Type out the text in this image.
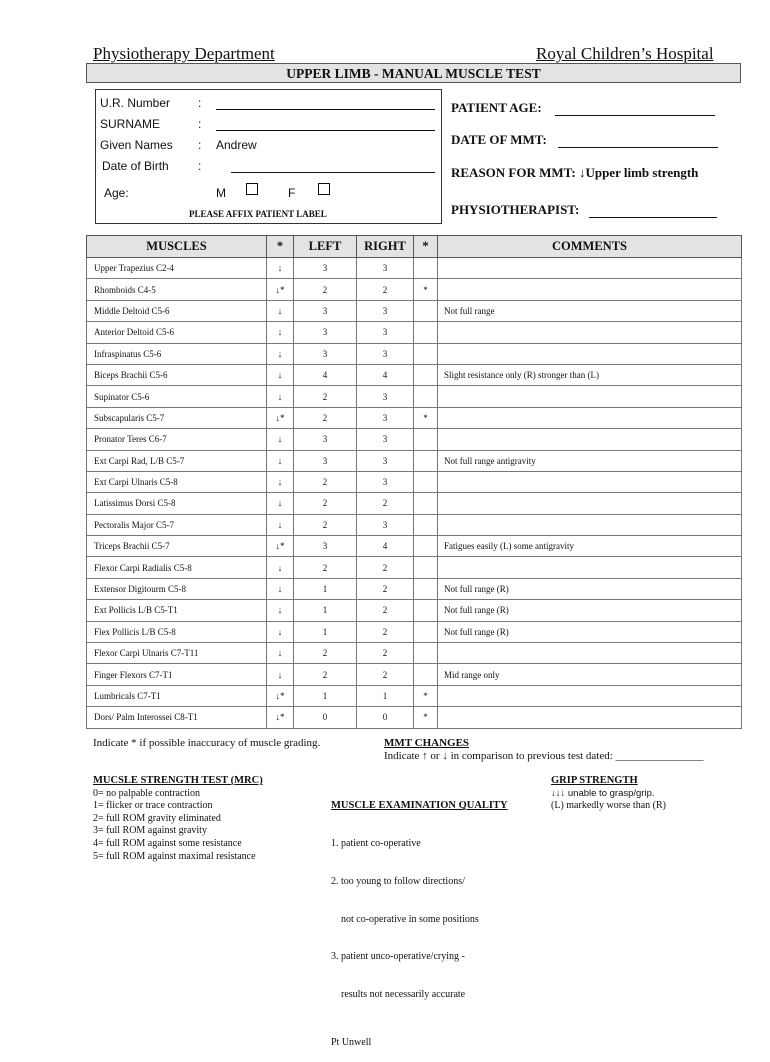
Physiotherapy Department	Royal Children’s Hospital
UPPER LIMB - MANUAL MUSCLE TEST
U.R. Number :
SURNAME	:
Given Names : Andrew
Date of Birth :
Age:	M	F
PLEASE AFFIX PATIENT LABEL
PATIENT AGE:
DATE OF MMT:
REASON FOR MMT: ↓Upper limb strength
PHYSIOTHERAPIST:
MUSCLES	*	LEFT	RIGHT	*	COMMENTS
Upper Trapezius C2-4	↓	3	3		
Rhomboids C4-5	↓*	2	2	*	
Middle Deltoid C5-6	↓	3	3		Not full range
Anterior Deltoid C5-6	↓	3	3		
Infraspinatus C5-6	↓	3	3		
Biceps Brachii C5-6	↓	4	4		Slight resistance only (R) stronger than (L)
Supinator C5-6	↓	2	3		
Subscapularis C5-7	↓*	2	3	*	
Pronator Teres C6-7	↓	3	3		
Ext Carpi Rad, L/B C5-7	↓	3	3		Not full range antigravity
Ext Carpi Ulnaris C5-8	↓	2	3		
Latissimus Dorsi C5-8	↓	2	2		
Pectoralis Major C5-7	↓	2	3		
Triceps Brachii C5-7	↓*	3	4		Fatigues easily (L) some antigravity
Flexor Carpi Radialis C5-8	↓	2	2		
Extensor Digitourm C5-8	↓	1	2		Not full range (R)
Ext Pollicis L/B C5-T1	↓	1	2		Not full range (R)
Flex Pollicis L/B C5-8	↓	1	2		Not full range (R)
Flexor Carpi Ulnaris C7-T11	↓	2	2		
Finger Flexors C7-T1	↓	2	2		Mid range only
Lumbricals C7-T1	↓*	1	1	*	
Dors/ Palm Interossei C8-T1	↓*	0	0	*	
Indicate * if possible inaccuracy of muscle grading.	MMT CHANGES
Indicate ↑ or ↓ in comparison to previous test dated: ________________
MUCSLE STRENGTH TEST (MRC)
0= no palpable contraction
1= flicker or trace contraction
2= full ROM gravity eliminated
3= full ROM against gravity
4= full ROM against some resistance
5= full ROM against maximal resistance

MUSCLE EXAMINATION QUALITY

1. patient co-operative

2. too young to follow directions/

not co-operative in some positions

3. patient unco-operative/crying -

results not necessarily accurate

Pt Unwell

GRIP STRENGTH
↓↓↓ unable to grasp/grip.
(L) markedly worse than (R)
